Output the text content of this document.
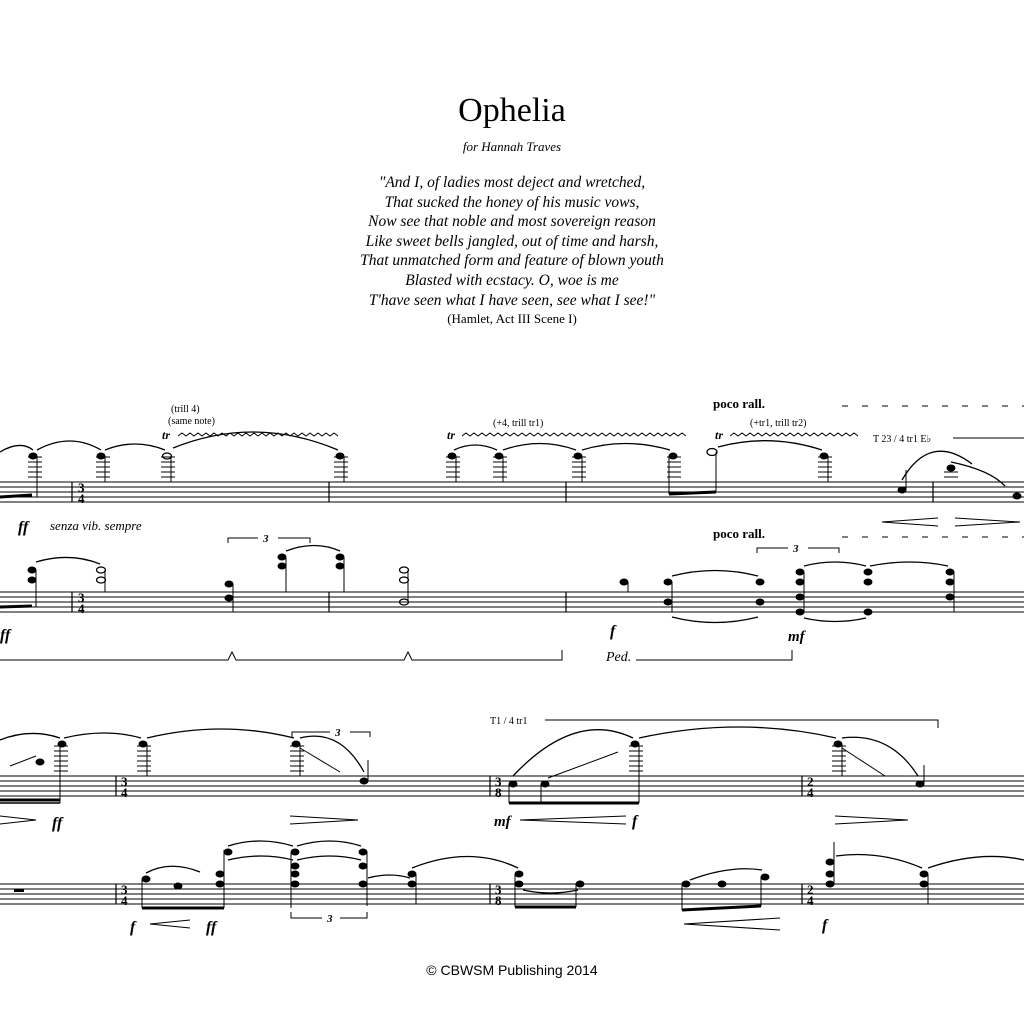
Ophelia
for Hannah Traves
"And I, of ladies most deject and wretched,
That sucked the honey of his music vows,
Now see that noble and most sovereign reason
Like sweet bells jangled, out of time and harsh,
That unmatched form and feature of blown youth
Blasted with ecstacy. O, woe is me
T'have seen what I have seen, see what I see!"
(Hamlet, Act III Scene I)
3
4
tr	tr	tr
(trill 4)
(same note)	(+4, trill tr1)	(+tr1, trill tr2)
poco rall.
T 23 / 4 tr1 E♭
ff senza vib. sempre
3
4
3
3
poco rall.
ff	f	mf
Ped.
3
4
3
8
2
4
3
T1 / 4 tr1
ff	mf	f
3
4
3
8
2
4
3
f	ff	f
© CBWSM Publishing 2014
